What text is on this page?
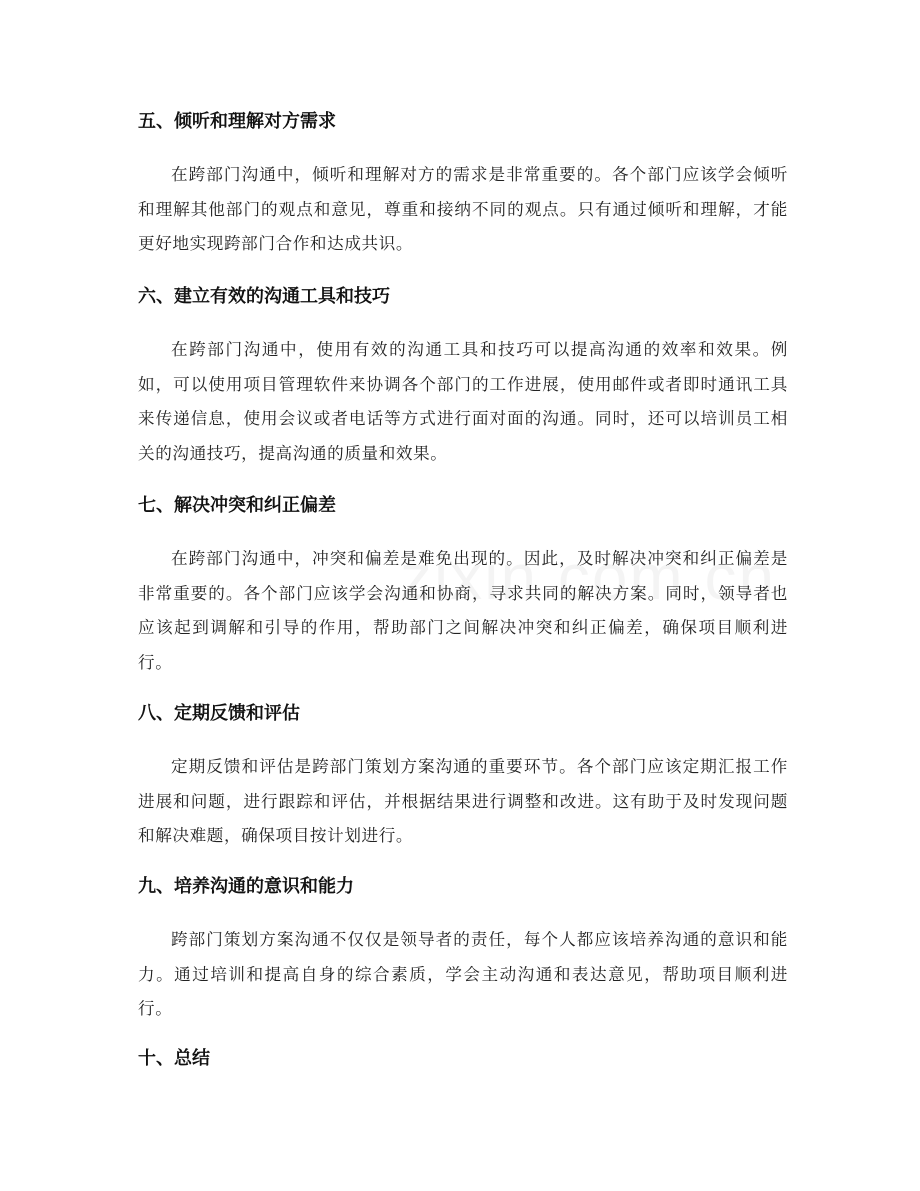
五、倾听和理解对方需求

在跨部门沟通中，倾听和理解对方的需求是非常重要的。各个部门应该学会倾听和理解其他部门的观点和意见，尊重和接纳不同的观点。只有通过倾听和理解，才能更好地实现跨部门合作和达成共识。

六、建立有效的沟通工具和技巧

在跨部门沟通中，使用有效的沟通工具和技巧可以提高沟通的效率和效果。例如，可以使用项目管理软件来协调各个部门的工作进展，使用邮件或者即时通讯工具来传递信息，使用会议或者电话等方式进行面对面的沟通。同时，还可以培训员工相关的沟通技巧，提高沟通的质量和效果。

七、解决冲突和纠正偏差

在跨部门沟通中，冲突和偏差是难免出现的。因此，及时解决冲突和纠正偏差是非常重要的。各个部门应该学会沟通和协商，寻求共同的解决方案。同时，领导者也应该起到调解和引导的作用，帮助部门之间解决冲突和纠正偏差，确保项目顺利进行。

八、定期反馈和评估

定期反馈和评估是跨部门策划方案沟通的重要环节。各个部门应该定期汇报工作进展和问题，进行跟踪和评估，并根据结果进行调整和改进。这有助于及时发现问题和解决难题，确保项目按计划进行。

九、培养沟通的意识和能力

跨部门策划方案沟通不仅仅是领导者的责任，每个人都应该培养沟通的意识和能力。通过培训和提高自身的综合素质，学会主动沟通和表达意见，帮助项目顺利进行。

十、总结
